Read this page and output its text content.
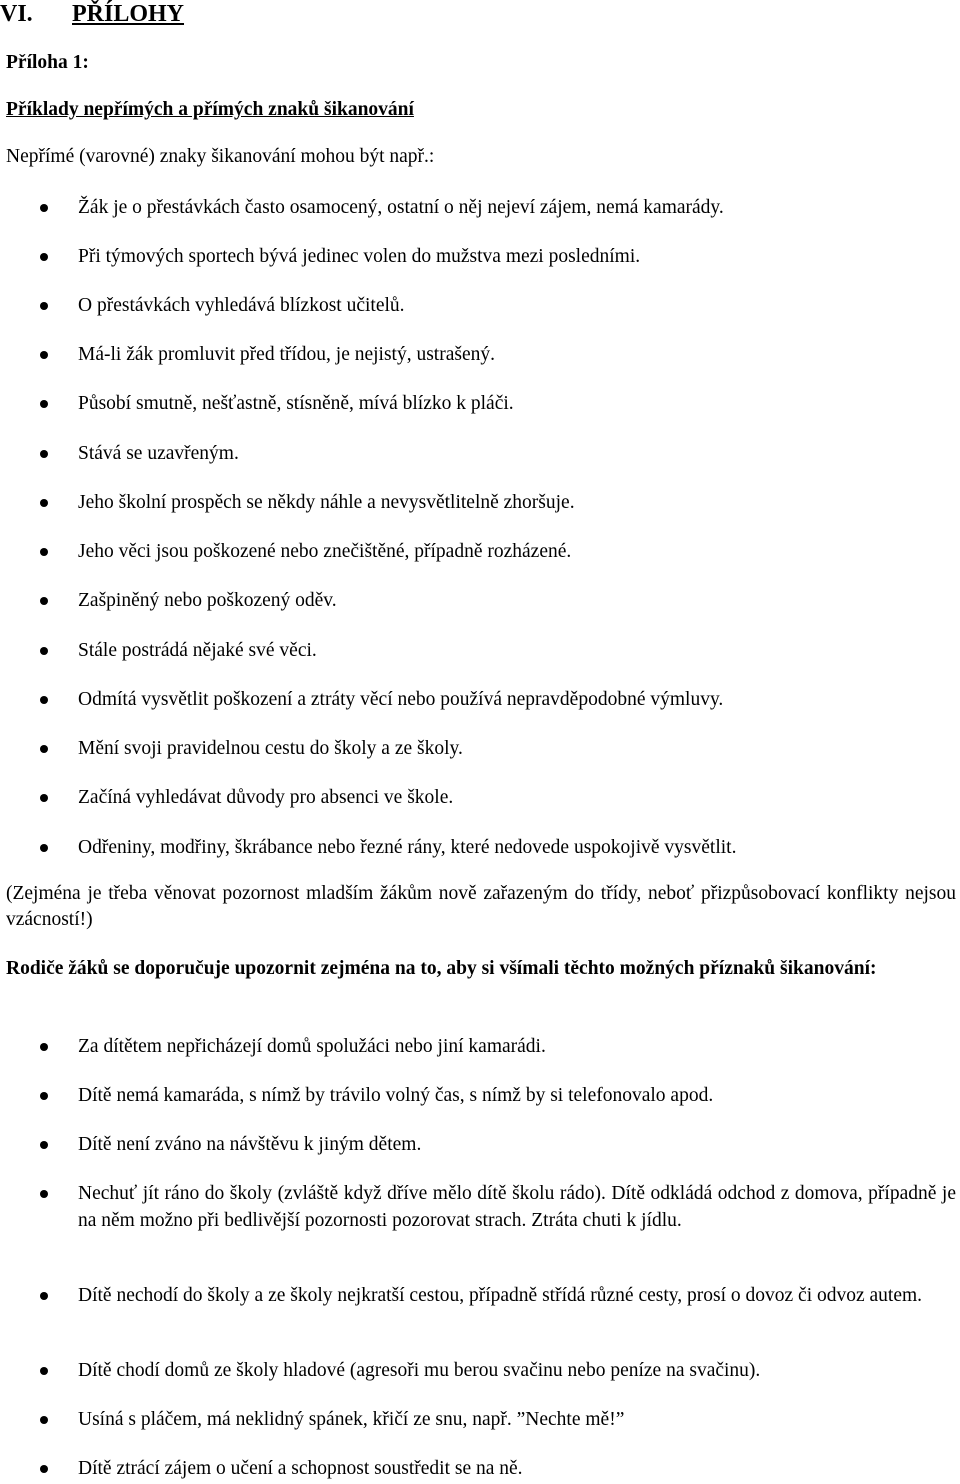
VI. PŘÍLOHY
Příloha 1:
Příklady nepřímých a přímých znaků šikanování
Nepřímé (varovné) znaky šikanování mohou být např.:
Žák je o přestávkách často osamocený, ostatní o něj nejeví zájem, nemá kamarády.
Při týmových sportech bývá jedinec volen do mužstva mezi posledními.
O přestávkách vyhledává blízkost učitelů.
Má-li žák promluvit před třídou, je nejistý, ustrašený.
Působí smutně, nešťastně, stísněně, mívá blízko k pláči.
Stává se uzavřeným.
Jeho školní prospěch se někdy náhle a nevysvětlitelně zhoršuje.
Jeho věci jsou poškozené nebo znečištěné, případně rozházené.
Zašpiněný nebo poškozený oděv.
Stále postrádá nějaké své věci.
Odmítá vysvětlit poškození a ztráty věcí nebo používá nepravděpodobné výmluvy.
Mění svoji pravidelnou cestu do školy a ze školy.
Začíná vyhledávat důvody pro absenci ve škole.
Odřeniny, modřiny, škrábance nebo řezné rány, které nedovede uspokojivě vysvětlit.
(Zejména je třeba věnovat pozornost mladším žákům nově zařazeným do třídy, neboť přizpůsobovací konflikty nejsou vzácností!)
Rodiče žáků se doporučuje upozornit zejména na to, aby si všímali těchto možných příznaků šikanování:
Za dítětem nepřicházejí domů spolužáci nebo jiní kamarádi.
Dítě nemá kamaráda, s nímž by trávilo volný čas, s nímž by si telefonovalo apod.
Dítě není zváno na návštěvu k jiným dětem.
Nechuť jít ráno do školy (zvláště když dříve mělo dítě školu rádo). Dítě odkládá odchod z domova, případně je na něm možno při bedlivější pozornosti pozorovat strach. Ztráta chuti k jídlu.
Dítě nechodí do školy a ze školy nejkratší cestou, případně střídá různé cesty, prosí o dovoz či odvoz autem.
Dítě chodí domů ze školy hladové (agresoři mu berou svačinu nebo peníze na svačinu).
Usíná s pláčem, má neklidný spánek, křičí ze snu, např. ”Nechte mě!”
Dítě ztrácí zájem o učení a schopnost soustředit se na ně.
